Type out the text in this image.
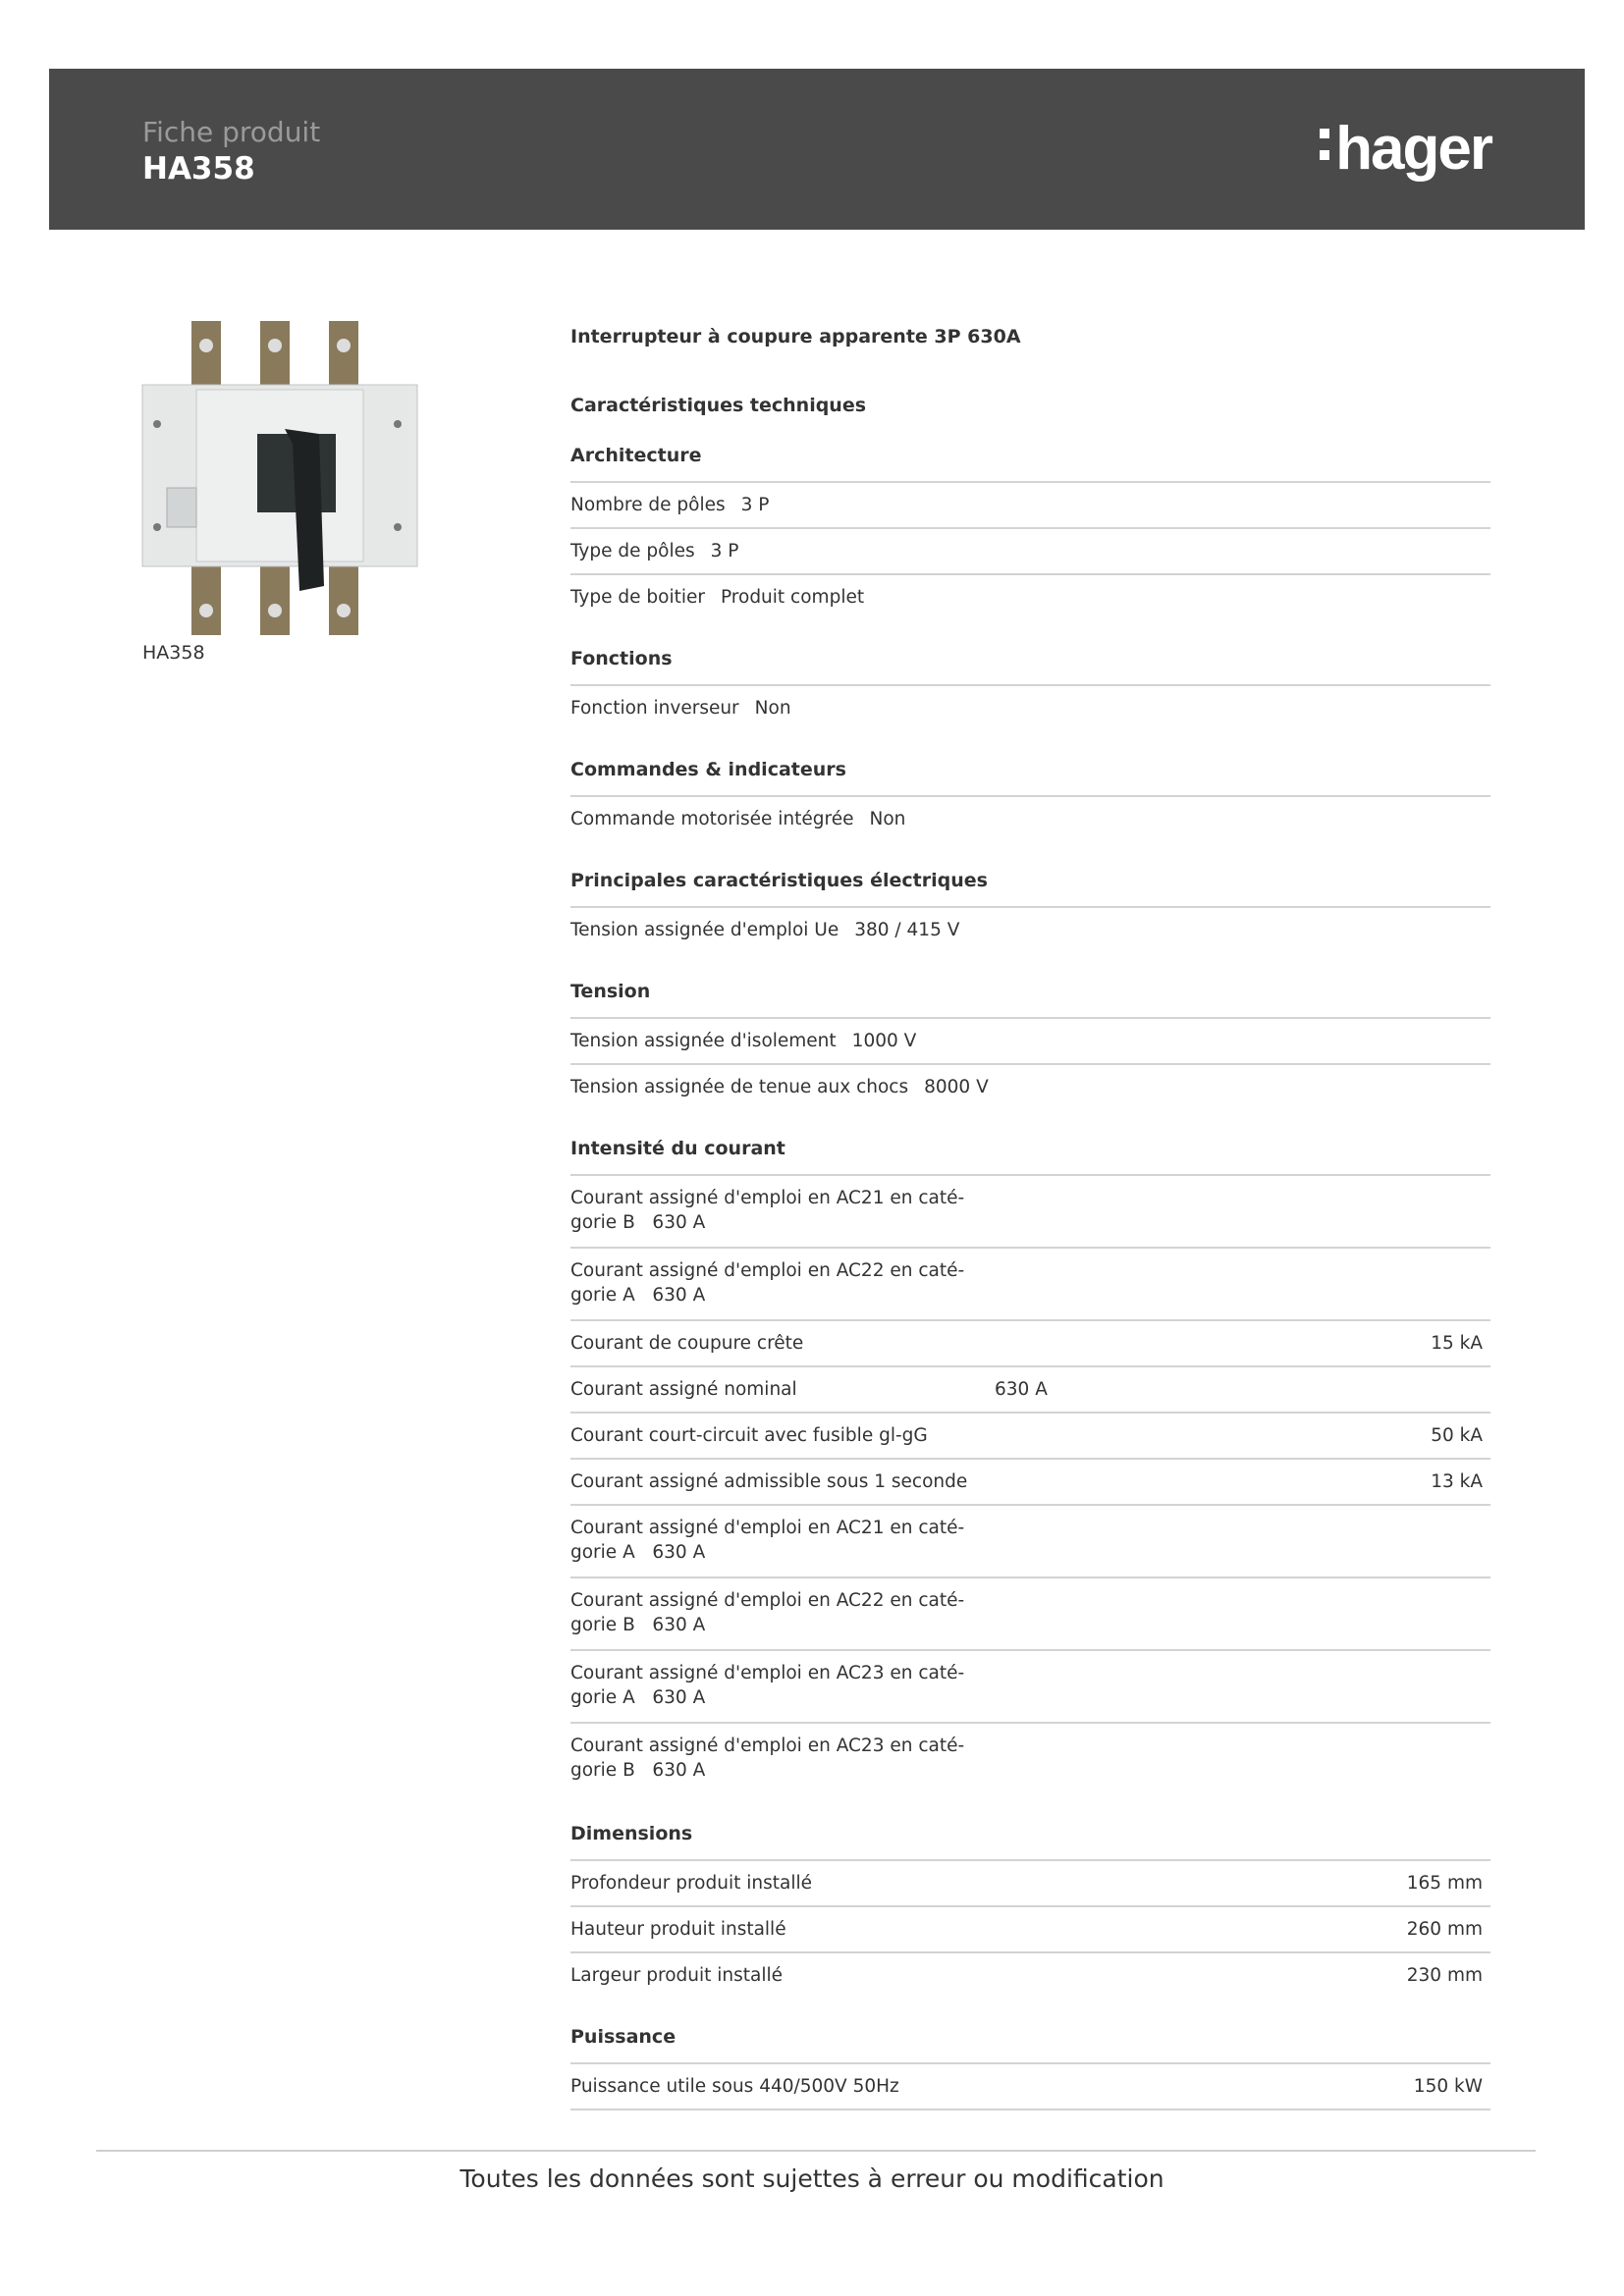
Fiche produit
HA358	hager
HA358
Interrupteur à coupure apparente 3P 630A
Caractéristiques techniques
Architecture
Nombre de pôles 3 P
Type de pôles 3 P
Type de boitier Produit complet
Fonctions
Fonction inverseur Non
Commandes & indicateurs
Commande motorisée intégrée Non
Principales caractéristiques électriques
Tension assignée d'emploi Ue 380 / 415 V
Tension
Tension assignée d'isolement 1000 V
Tension assignée de tenue aux chocs 8000 V
Intensité du courant
Courant assigné d'emploi en AC21 en caté-
gorie B 630 A
Courant assigné d'emploi en AC22 en caté-
gorie A 630 A
Courant de coupure crête	15 kA
Courant assigné nominal	630 A
Courant court-circuit avec fusible gl-gG	50 kA
Courant assigné admissible sous 1 seconde	13 kA
Courant assigné d'emploi en AC21 en caté-
gorie A 630 A
Courant assigné d'emploi en AC22 en caté-
gorie B 630 A
Courant assigné d'emploi en AC23 en caté-
gorie A 630 A
Courant assigné d'emploi en AC23 en caté-
gorie B 630 A
Dimensions
Profondeur produit installé	165 mm
Hauteur produit installé	260 mm
Largeur produit installé	230 mm
Puissance
Puissance utile sous 440/500V 50Hz	150 kW
Toutes les données sont sujettes à erreur ou modification
